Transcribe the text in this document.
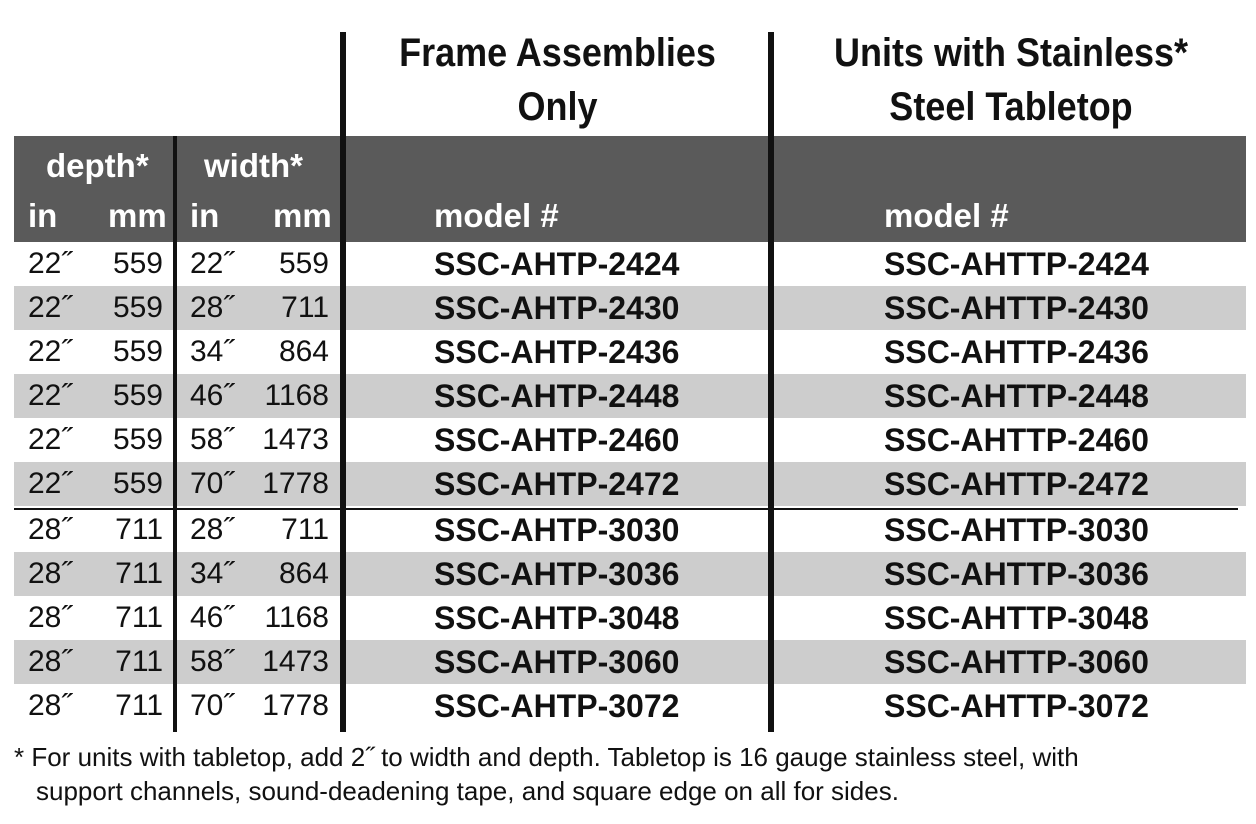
Frame Assemblies
Only
Units with Stainless*
Steel Tabletop
depth* width*
in mm in mm	model #	model #
22˝ 559 22˝	559	SSC-AHTP-2424	SSC-AHTTP-2424
22˝ 559 28˝	711	SSC-AHTP-2430	SSC-AHTTP-2430
22˝ 559 34˝	864	SSC-AHTP-2436	SSC-AHTTP-2436
22˝ 559 46˝	1168	SSC-AHTP-2448	SSC-AHTTP-2448
22˝ 559 58˝ 1473	SSC-AHTP-2460	SSC-AHTTP-2460
22˝ 559 70˝ 1778	SSC-AHTP-2472	SSC-AHTTP-2472
28˝ 711 28˝	711	SSC-AHTP-3030	SSC-AHTTP-3030
28˝ 711 34˝	864	SSC-AHTP-3036	SSC-AHTTP-3036
28˝ 711 46˝	1168	SSC-AHTP-3048	SSC-AHTTP-3048
28˝ 711 58˝ 1473	SSC-AHTP-3060	SSC-AHTTP-3060
28˝ 711 70˝ 1778	SSC-AHTP-3072	SSC-AHTTP-3072
* For units with tabletop, add 2˝ to width and depth. Tabletop is 16 gauge stainless steel, with
support channels, sound-deadening tape, and square edge on all for sides.
